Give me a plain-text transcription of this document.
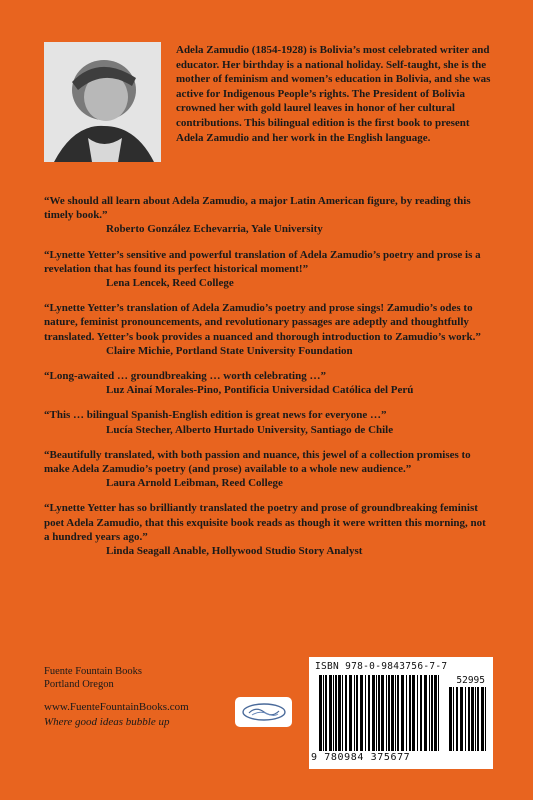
Adela Zamudio (1854-1928) is Bolivia’s most celebrated writer and educator. Her birthday is a national holiday. Self-taught, she is the mother of feminism and women’s education in Bolivia, and she was active for Indigenous People’s rights. The President of Bolivia crowned her with gold laurel leaves in honor of her cultural contributions. This bilingual edition is the first book to present Adela Zamudio and her work in the English language.
“We should all learn about Adela Zamudio, a major Latin American figure, by reading this timely book.”
Roberto González Echevarria, Yale University
“Lynette Yetter’s sensitive and powerful translation of Adela Zamudio’s poetry and prose is a revelation that has found its perfect historical moment!”
Lena Lencek, Reed College
“Lynette Yetter’s translation of Adela Zamudio’s poetry and prose sings! Zamudio’s odes to nature, feminist pronouncements, and revolutionary passages are adeptly and thoughtfully translated. Yetter’s book provides a nuanced and thorough introduction to Zamudio’s work.”
Claire Michie, Portland State University Foundation
“Long-awaited … groundbreaking … worth celebrating …”
Luz Ainaí Morales-Pino, Pontificia Universidad Católica del Perú
“This … bilingual Spanish-English edition is great news for everyone …”
Lucía Stecher, Alberto Hurtado University, Santiago de Chile
“Beautifully translated, with both passion and nuance, this jewel of a collection promises to make Adela Zamudio’s poetry (and prose) available to a whole new audience.”
Laura Arnold Leibman, Reed College
“Lynette Yetter has so brilliantly translated the poetry and prose of groundbreaking feminist poet Adela Zamudio, that this exquisite book reads as though it were written this morning, not a hundred years ago.”
Linda Seagall Anable, Hollywood Studio Story Analyst
Fuente Fountain Books
Portland Oregon
www.FuenteFountainBooks.com
Where good ideas bubble up
ISBN 978-0-9843756-7-7
52995
9 780984 375677
